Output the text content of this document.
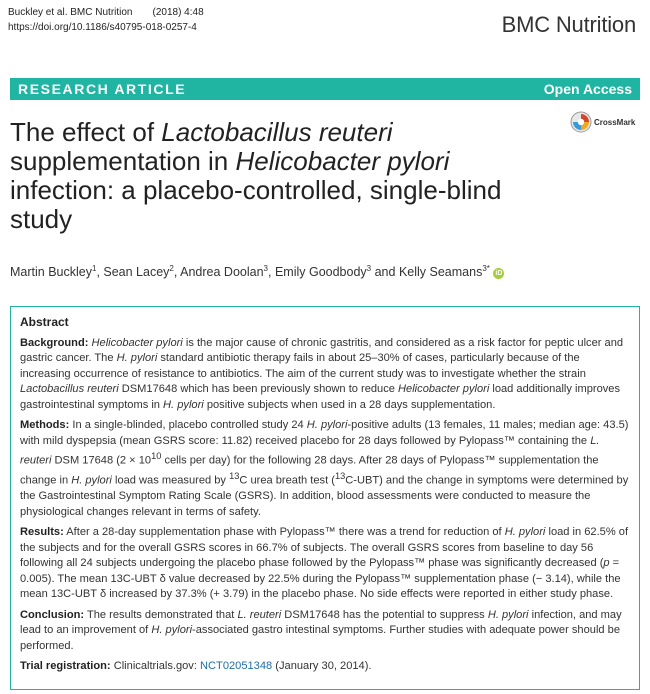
Buckley et al. BMC Nutrition (2018) 4:48
https://doi.org/10.1186/s40795-018-0257-4	BMC Nutrition
RESEARCH ARTICLE	Open Access
The effect of Lactobacillus reuteri
supplementation in Helicobacter pylori
infection: a placebo-controlled, single-blind study
CrossMark
Martin Buckley$^1$, Sean Lacey$^2$, Andrea Doolan$^3$, Emily Goodbody$^3$ and Kelly Seamans$^{3*}$ iD
Abstract

Background: Helicobacter pylori is the major cause of chronic gastritis, and considered as a risk factor for peptic ulcer and gastric cancer. The H. pylori standard antibiotic therapy fails in about 25–30% of cases, particularly because of the increasing occurrence of resistance to antibiotics. The aim of the current study was to investigate whether the strain Lactobacillus reuteri DSM17648 which has been previously shown to reduce Helicobacter pylori load additionally improves gastrointestinal symptoms in H. pylori positive subjects when used in a 28 days supplementation.

Methods: In a single-blinded, placebo controlled study 24 H. pylori-positive adults (13 females, 11 males; median age: 43.5) with mild dyspepsia (mean GSRS score: 11.82) received placebo for 28 days followed by Pylopass™ containing the L. reuteri DSM 17648 ($2 \times 10^{10}$ cells per day) for the following 28 days. After 28 days of Pylopass™ supplementation the change in H. pylori load was measured by $^{13}$C urea breath test ($^{13}$C-UBT) and the change in symptoms were determined by the Gastrointestinal Symptom Rating Scale (GSRS). In addition, blood assessments were conducted to measure the physiological changes relevant in terms of safety.

Results: After a 28-day supplementation phase with Pylopass™ there was a trend for reduction of H. pylori load in 62.5% of the subjects and for the overall GSRS scores in 66.7% of subjects. The overall GSRS scores from baseline to day 56 following all 24 subjects undergoing the placebo phase followed by the Pylopass™ phase was significantly decreased (p = 0.005). The mean 13C-UBT δ value decreased by 22.5% during the Pylopass™ supplementation phase (− 3.14), while the mean 13C-UBT δ increased by 37.3% (+ 3.79) in the placebo phase. No side effects were reported in either study phase.

Conclusion: The results demonstrated that L. reuteri DSM17648 has the potential to suppress H. pylori infection, and may lead to an improvement of H. pylori-associated gastro intestinal symptoms. Further studies with adequate power should be performed.

Trial registration: Clinicaltrials.gov: NCT02051348 (January 30, 2014).
